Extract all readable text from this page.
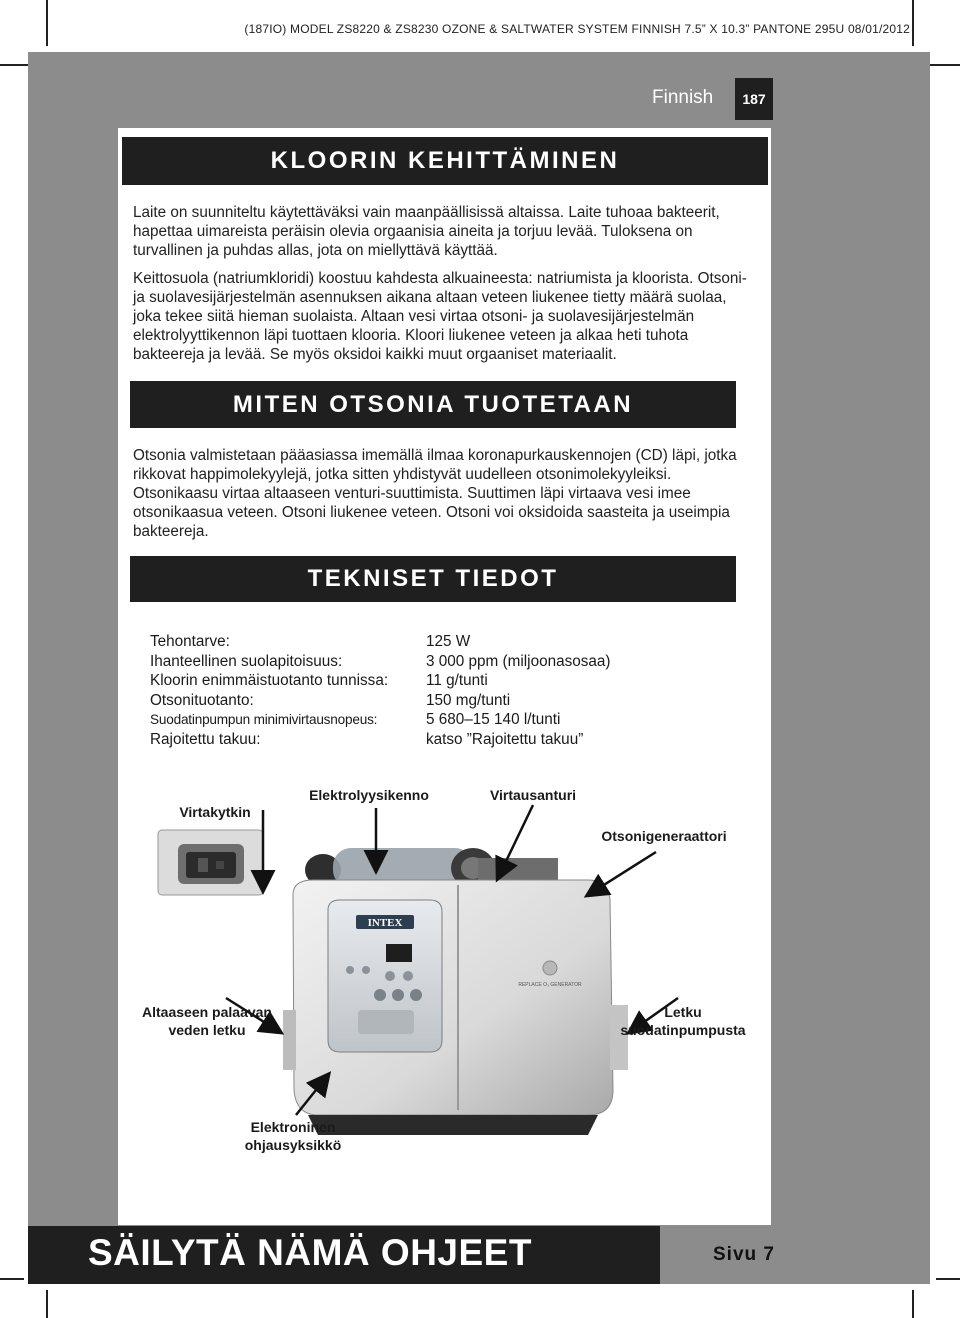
(187IO) MODEL ZS8220 & ZS8230 OZONE & SALTWATER SYSTEM FINNISH 7.5” X 10.3” PANTONE 295U 08/01/2012
Finnish	187
KLOORIN KEHITTÄMINEN

Laite on suunniteltu käytettäväksi vain maanpäällisissä altaissa. Laite tuhoaa bakteerit, hapettaa uimareista peräisin olevia orgaanisia aineita ja torjuu levää. Tuloksena on turvallinen ja puhdas allas, jota on miellyttävä käyttää.

Keittosuola (natriumkloridi) koostuu kahdesta alkuaineesta: natriumista ja kloorista. Otsoni- ja suolavesijärjestelmän asennuksen aikana altaan veteen liukenee tietty määrä suolaa, joka tekee siitä hieman suolaista. Altaan vesi virtaa otsoni- ja suolavesijärjestelmän elektrolyyttikennon läpi tuottaen klooria. Kloori liukenee veteen ja alkaa heti tuhota bakteereja ja levää. Se myös oksidoi kaikki muut orgaaniset materiaalit.

MITEN OTSONIA TUOTETAAN

Otsonia valmistetaan pääasiassa imemällä ilmaa koronapurkauskennojen (CD) läpi, jotka rikkovat happimolekyylejä, jotka sitten yhdistyvät uudelleen otsonimolekyyleiksi. Otsonikaasu virtaa altaaseen venturi-suuttimista. Suuttimen läpi virtaava vesi imee otsonikaasua veteen. Otsoni liukenee veteen. Otsoni voi oksidoida saasteita ja useimpia bakteereja.

TEKNISET TIEDOT
Tehontarve:	125 W
Ihanteellinen suolapitoisuus:	3 000 ppm (miljoonasosaa)
Kloorin enimmäistuotanto tunnissa:	11 g/tunti
Otsonituotanto:	150 mg/tunti
Suodatinpumpun minimivirtausnopeus:	5 680–15 140 l/tunti
Rajoitettu takuu:	katso ”Rajoitettu takuu”
INTEX
REPLACE O₃ GENERATOR
Virtakytkin
Elektrolyysikenno	Virtausanturi
Otsonigeneraattori
Altaaseen palaavan veden letku
Letku suodatinpumpusta
Elektroninen ohjausyksikkö
SÄILYTÄ NÄMÄ OHJEET	Sivu 7
